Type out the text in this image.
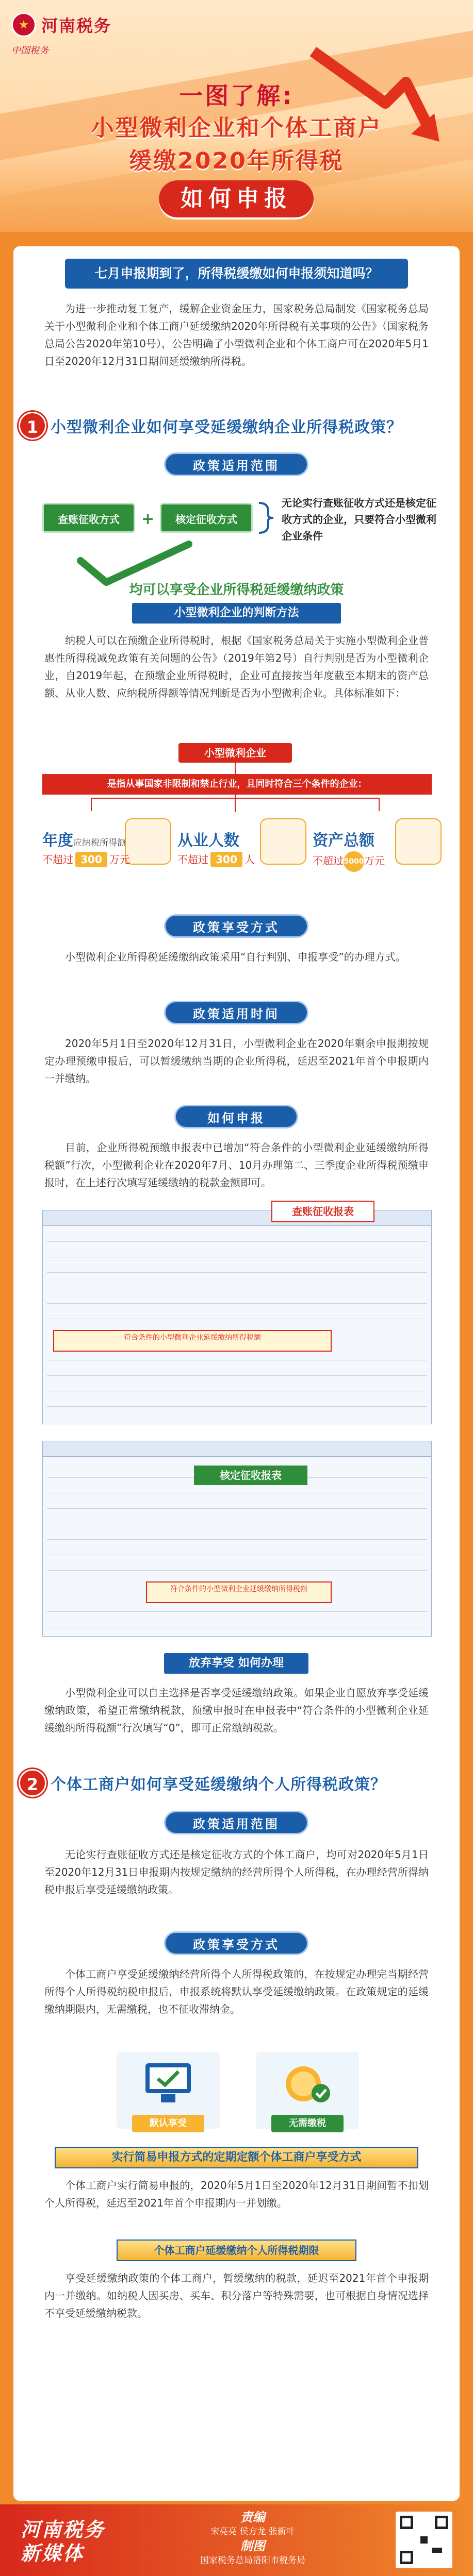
河南税务
中国税务
一图了解:
小型微利企业和个体工商户
缓缴2020年所得税
如何申报
七月申报期到了，所得税缓缴如何申报须知道吗？
为进一步推动复工复产，缓解企业资金压力，国家税务总局制发《国家税务总局关于小型微利企业和个体工商户延缓缴纳2020年所得税有关事项的公告》（国家税务总局公告2020年第10号），公告明确了小型微利企业和个体工商户可在2020年5月1日至2020年12月31日期间延缓缴纳所得税。
1 小型微利企业如何享受延缓缴纳企业所得税政策？
政策适用范围
查账征收方式	+	核定征收方式
无论实行查账征收方式还是核定征收方式的企业，只要符合小型微利企业条件
均可以享受企业所得税延缓缴纳政策
小型微利企业的判断方法
纳税人可以在预缴企业所得税时，根据《国家税务总局关于实施小型微利企业普惠性所得税减免政策有关问题的公告》（2019年第2号）自行判别是否为小型微利企业，自2019年起，在预缴企业所得税时，企业可直接按当年度截至本期末的资产总额、从业人数、应纳税所得额等情况判断是否为小型微利企业。具体标准如下：
小型微利企业
是指从事国家非限制和禁止行业，且同时符合三个条件的企业：
年度应纳税所得额
不超过 300 万元
从业人数
不超过 300 人
资产总额
不超过5000万元
政策享受方式
小型微利企业所得税延缓缴纳政策采用“自行判别、申报享受”的办理方式。
政策适用时间
2020年5月1日至2020年12月31日，小型微利企业在2020年剩余申报期按规定办理预缴申报后，可以暂缓缴纳当期的企业所得税，延迟至2021年首个申报期内一并缴纳。
如何申报
目前，企业所得税预缴申报表中已增加“符合条件的小型微利企业延缓缴纳所得税额”行次，小型微利企业在2020年7月、10月办理第二、三季度企业所得税预缴申报时，在上述行次填写延缓缴纳的税款金额即可。
符合条件的小型微利企业延缓缴纳所得税额
查账征收报表
符合条件的小型微利企业延缓缴纳所得税额
核定征收报表
放弃享受 如何办理
小型微利企业可以自主选择是否享受延缓缴纳政策。如果企业自愿放弃享受延缓缴纳政策，希望正常缴纳税款，预缴申报时在申报表中“符合条件的小型微利企业延缓缴纳所得税额”行次填写“0”，即可正常缴纳税款。
2 个体工商户如何享受延缓缴纳个人所得税政策？
政策适用范围
无论实行查账征收方式还是核定征收方式的个体工商户，均可对2020年5月1日至2020年12月31日申报期内按规定缴纳的经营所得个人所得税，在办理经营所得纳税申报后享受延缓缴纳政策。
政策享受方式
个体工商户享受延缓缴纳经营所得个人所得税政策的，在按规定办理完当期经营所得个人所得税纳税申报后，申报系统将默认享受延缓缴纳政策。在政策规定的延缓缴纳期限内，无需缴税，也不征收滞纳金。
默认享受	无需缴税
实行简易申报方式的定期定额个体工商户享受方式
个体工商户实行简易申报的，2020年5月1日至2020年12月31日期间暂不扣划个人所得税，延迟至2021年首个申报期内一并划缴。
个体工商户延缓缴纳个人所得税期限
享受延缓缴纳政策的个体工商户，暂缓缴纳的税款，延迟至2021年首个申报期内一并缴纳。如纳税人因买房、买车、积分落户等特殊需要，也可根据自身情况选择不享受延缓缴纳税款。
河南税务
新媒体
责编
宋亮亮 侯方龙 张新叶
制图
国家税务总局洛阳市税务局
